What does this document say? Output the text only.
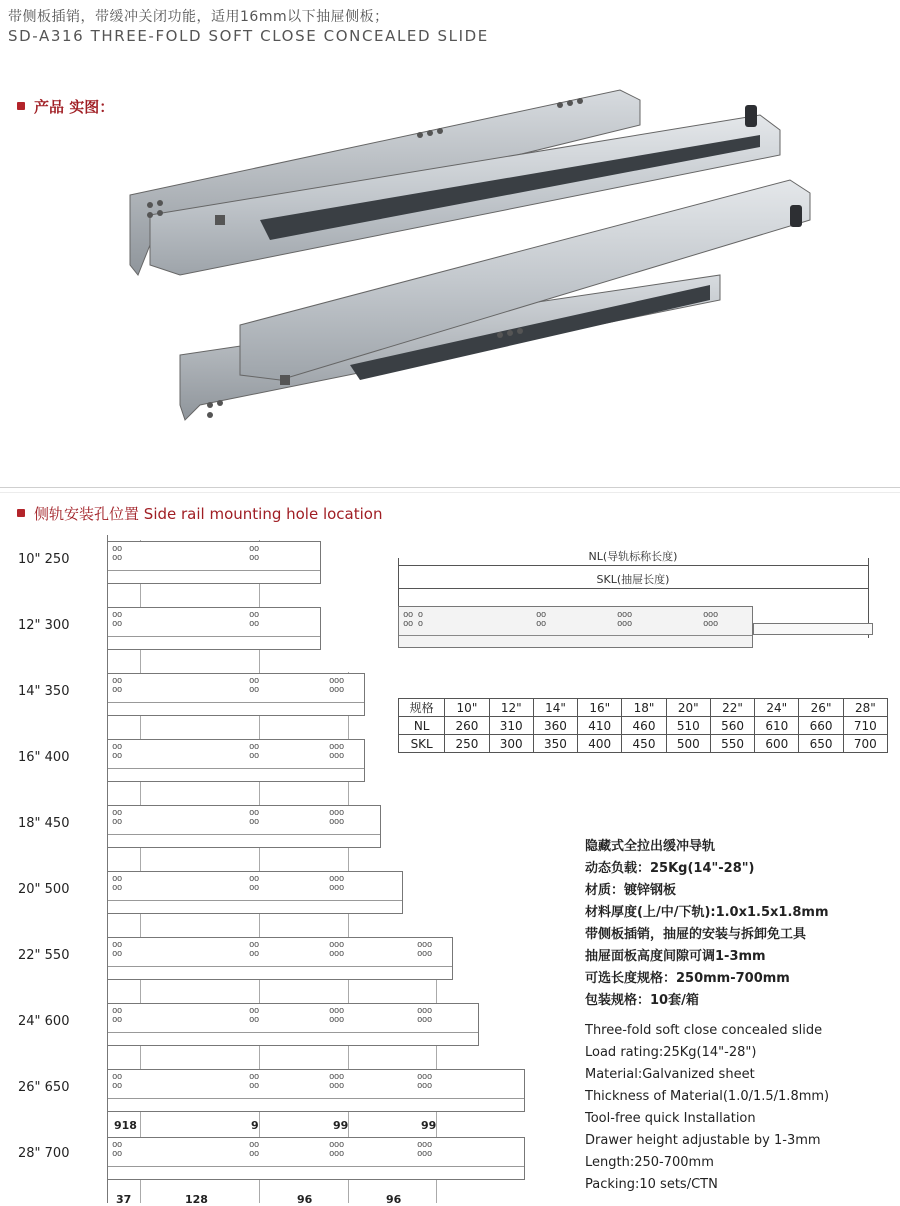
带侧板插销，带缓冲关闭功能，适用16mm以下抽屉侧板；
SD-A316 THREE-FOLD SOFT CLOSE CONCEALED SLIDE
产品 实图：
侧轨安装孔位置 Side rail mounting hole location
10" 250
oo
oo
oo
oo
12" 300
oo
oo
oo
oo
14" 350
oo
oo
oo
oo
ooo
ooo
16" 400
oo
oo
oo
oo
ooo
ooo
18" 450
oo
oo
oo
oo
ooo
ooo
20" 500
oo
oo
oo
oo
ooo
ooo
22" 550
oo
oo
oo
oo
ooo
ooo
ooo
ooo
24" 600
oo
oo
oo
oo
ooo
ooo
ooo
ooo
26" 650
oo
oo
oo
oo
ooo
ooo
ooo
ooo
28" 700
oo
oo
oo
oo
ooo
ooo
ooo
ooo
918	9	99	99
37	128	96	96
NL(导轨标称长度)
SKL(抽屉长度)
oo o
oo o
oo
oo
ooo
ooo
ooo
ooo
规格	10"	12"	14"	16"	18"	20"	22"	24"	26"	28"
NL	260	310	360	410	460	510	560	610	660	710
SKL	250	300	350	400	450	500	550	600	650	700
隐藏式全拉出缓冲导轨
动态负载：25Kg(14"-28")
材质：镀锌钢板
材料厚度(上/中/下轨):1.0x1.5x1.8mm
带侧板插销，抽屉的安装与拆卸免工具
抽屉面板高度间隙可调1-3mm
可选长度规格：250mm-700mm
包装规格：10套/箱
Three-fold soft close concealed slide
Load rating:25Kg(14"-28")
Material:Galvanized sheet
Thickness of Material(1.0/1.5/1.8mm)
Tool-free quick Installation
Drawer height adjustable by 1-3mm
Length:250-700mm
Packing:10 sets/CTN
